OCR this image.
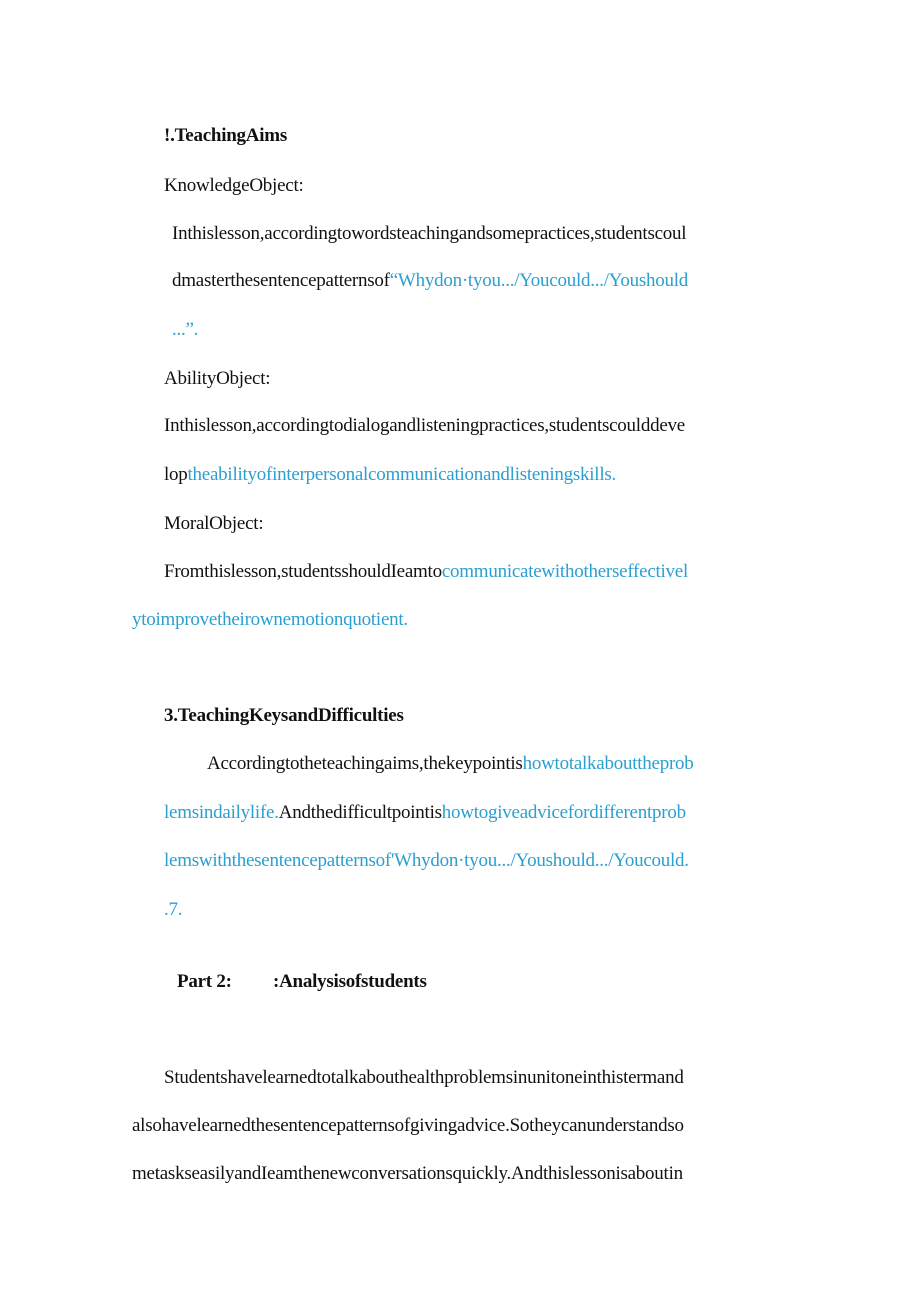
!.TeachingAims
KnowledgeObject:
Inthislesson,accordingtowordsteachingandsomepractices,studentscoul
dmasterthesentencepatternsof“Whydon·tyou.../Youcould.../Youshould
...”.
AbilityObject:
Inthislesson,accordingtodialogandlisteningpractices,studentscoulddeve
loptheabilityofinterpersonalcommunicationandlisteningskills.
MoralObject:
Fromthislesson,studentsshouldIeamtocommunicatewithotherseffectivel
ytoimprovetheirownemotionquotient.
3.TeachingKeysandDifficulties
Accordingtotheteachingaims,thekeypointishowtotalkabouttheprob
lemsindailylife.Andthedifficultpointishowtogiveadvicefordifferentprob
lemswiththesentencepatternsof'Whydon·tyou.../Youshould.../Youcould.
.7.
Part 2: :Analysisofstudents
Studentshavelearnedtotalkabouthealthproblemsinunitoneinthistermand
alsohavelearnedthesentencepatternsofgivingadvice.Sotheycanunderstandso
metaskseasilyandIeamthenewconversationsquickly.Andthislessonisaboutin
